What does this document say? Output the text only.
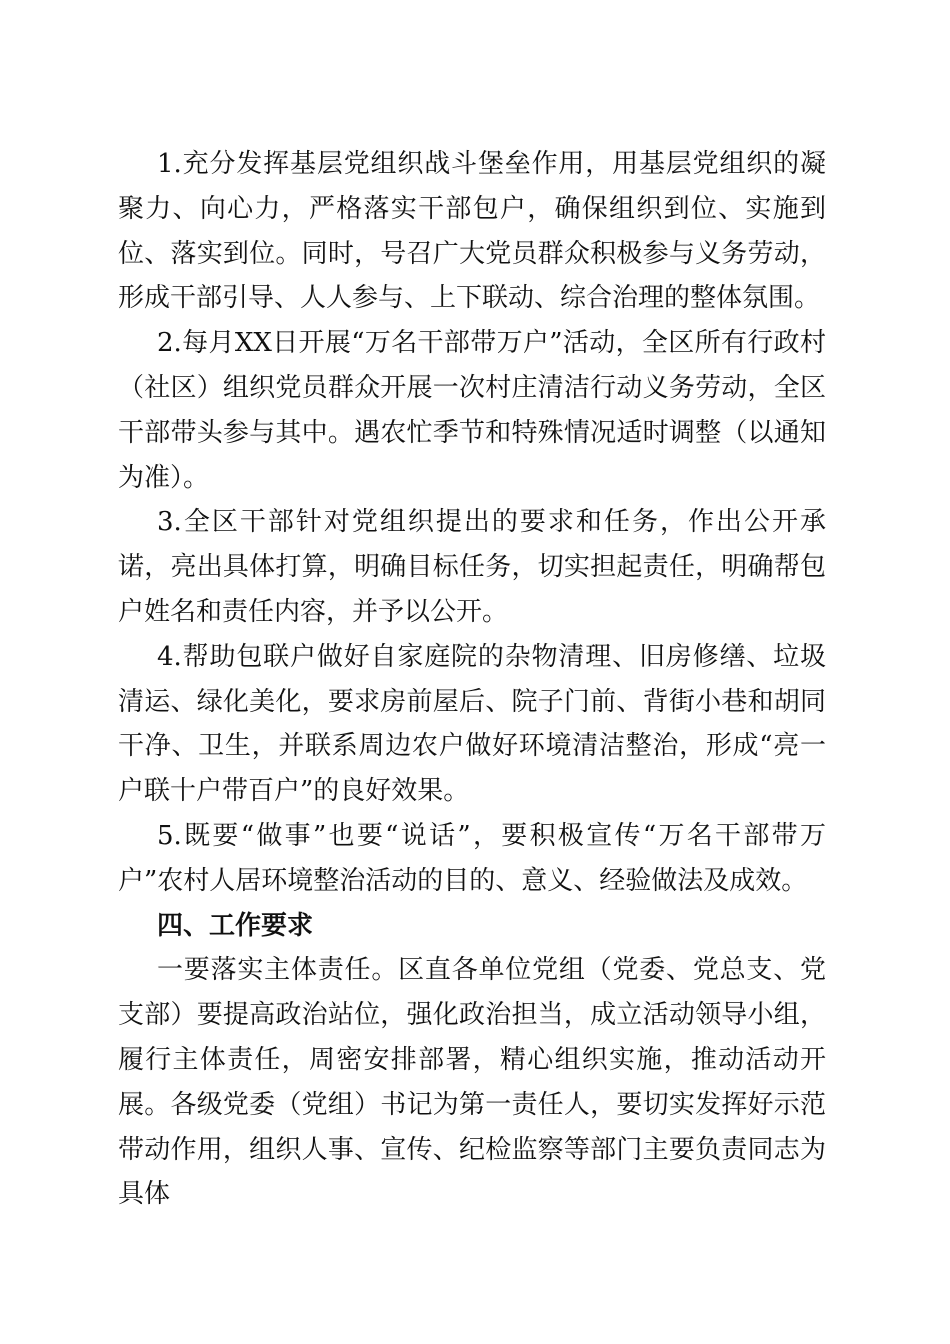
1.充分发挥基层党组织战斗堡垒作用，用基层党组织的凝聚力、向心力，严格落实干部包户，确保组织到位、实施到位、落实到位。同时，号召广大党员群众积极参与义务劳动，形成干部引导、人人参与、上下联动、综合治理的整体氛围。

2.每月XX日开展“万名干部带万户”活动，全区所有行政村（社区）组织党员群众开展一次村庄清洁行动义务劳动，全区干部带头参与其中。遇农忙季节和特殊情况适时调整（以通知为准）。

3.全区干部针对党组织提出的要求和任务，作出公开承诺，亮出具体打算，明确目标任务，切实担起责任，明确帮包户姓名和责任内容，并予以公开。

4.帮助包联户做好自家庭院的杂物清理、旧房修缮、垃圾清运、绿化美化，要求房前屋后、院子门前、背街小巷和胡同干净、卫生，并联系周边农户做好环境清洁整治，形成“亮一户联十户带百户”的良好效果。

5.既要“做事”也要“说话”，要积极宣传“万名干部带万户”农村人居环境整治活动的目的、意义、经验做法及成效。

四、工作要求

一要落实主体责任。区直各单位党组（党委、党总支、党支部）要提高政治站位，强化政治担当，成立活动领导小组，履行主体责任，周密安排部署，精心组织实施，推动活动开展。各级党委（党组）书记为第一责任人，要切实发挥好示范带动作用，组织人事、宣传、纪检监察等部门主要负责同志为具体
